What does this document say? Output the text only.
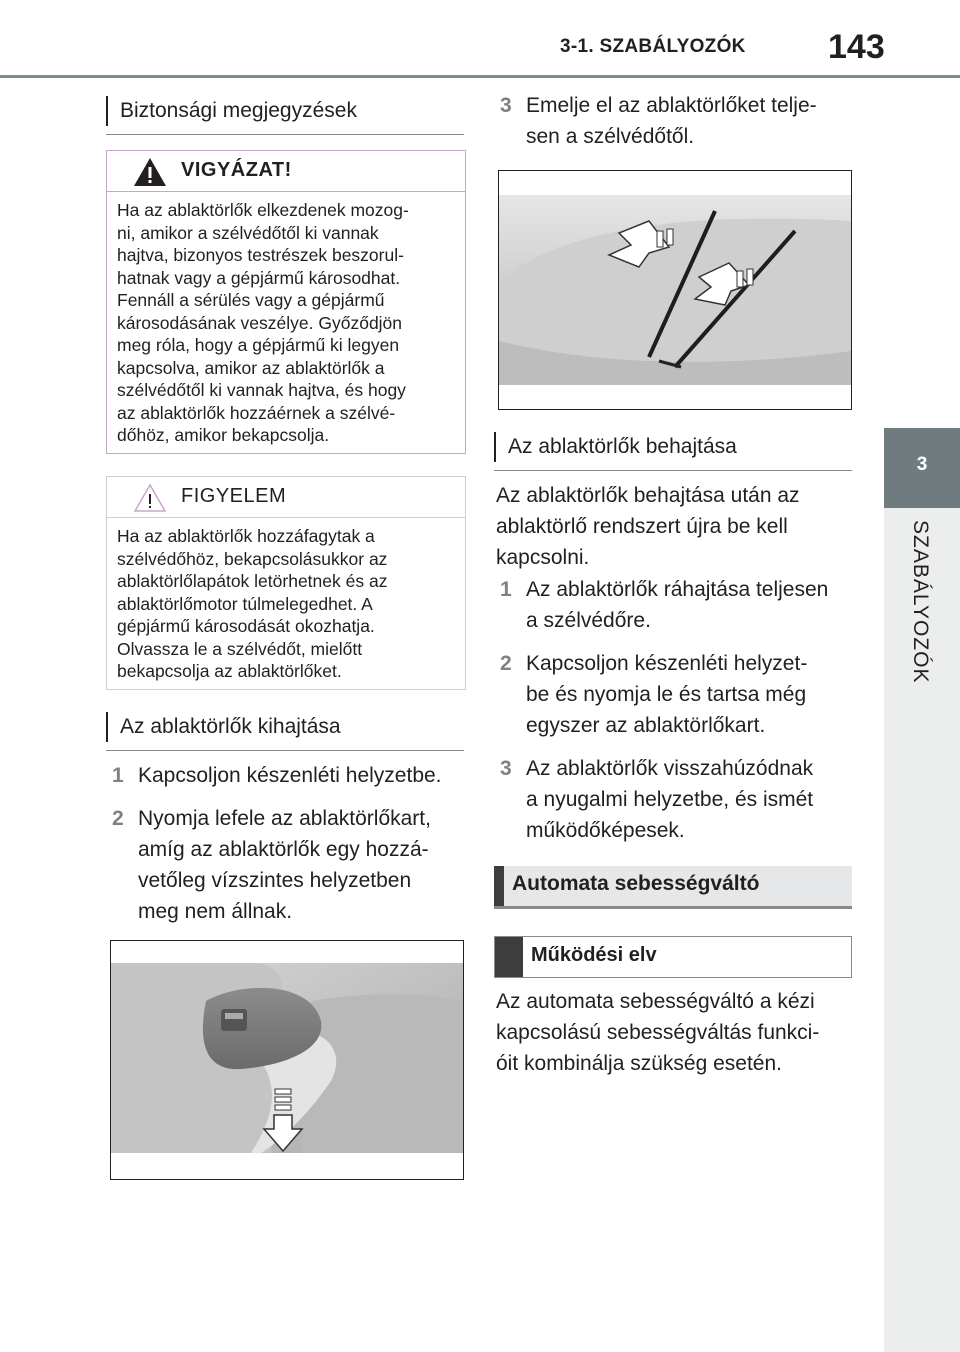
3-1. SZABÁLYOZÓK 143
3
SZABÁLYOZÓK
Biztonsági megjegyzések
VIGYÁZAT!
Ha az ablaktörlők elkezdenek mozog-
ni, amikor a szélvédőtől ki vannak
hajtva, bizonyos testrészek beszorul-
hatnak vagy a gépjármű károsodhat.
Fennáll a sérülés vagy a gépjármű
károsodásának veszélye. Győződjön
meg róla, hogy a gépjármű ki legyen
kapcsolva, amikor az ablaktörlők a
szélvédőtől ki vannak hajtva, és hogy
az ablaktörlők hozzáérnek a szélvé-
dőhöz, amikor bekapcsolja.
FIGYELEM
Ha az ablaktörlők hozzáfagytak a
szélvédőhöz, bekapcsolásukkor az
ablaktörlőlapátok letörhetnek és az
ablaktörlőmotor túlmelegedhet. A
gépjármű károsodását okozhatja.
Olvassza le a szélvédőt, mielőtt
bekapcsolja az ablaktörlőket.
Az ablaktörlők kihajtása
1 Kapcsoljon készenléti helyzetbe.
2 Nyomja lefele az ablaktörlőkart,
amíg az ablaktörlők egy hozzá-
vetőleg vízszintes helyzetben
meg nem állnak.
3 Emelje el az ablaktörlőket telje-
sen a szélvédőtől.
Az ablaktörlők behajtása
Az ablaktörlők behajtása után az
ablaktörlő rendszert újra be kell
kapcsolni.
1 Az ablaktörlők ráhajtása teljesen
a szélvédőre.
2 Kapcsoljon készenléti helyzet-
be és nyomja le és tartsa még
egyszer az ablaktörlőkart.
3 Az ablaktörlők visszahúzódnak
a nyugalmi helyzetbe, és ismét
működőképesek.
Automata sebességváltó
Működési elv
Az automata sebességváltó a kézi
kapcsolású sebességváltás funkci-
óit kombinálja szükség esetén.
